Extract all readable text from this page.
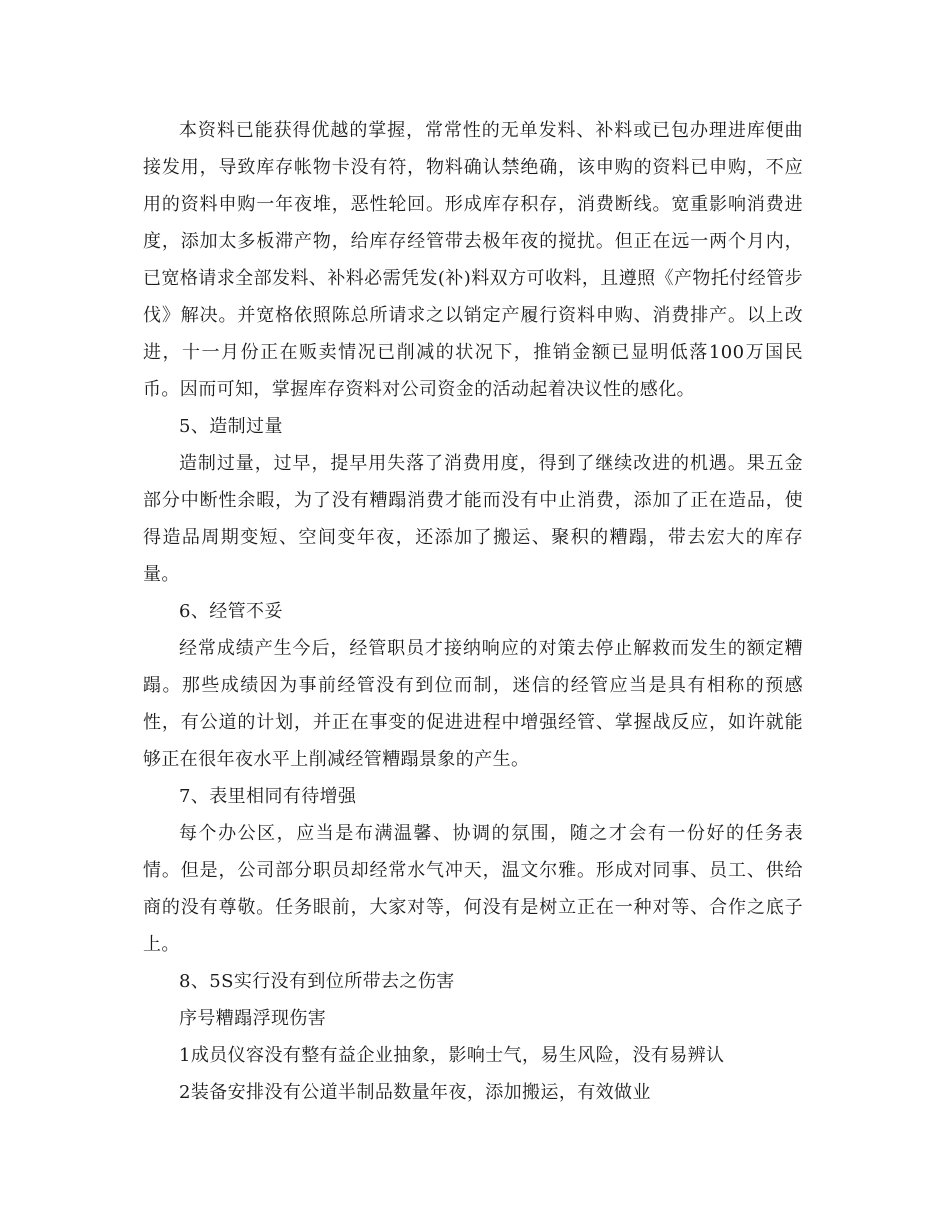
本资料已能获得优越的掌握，常常性的无单发料、补料或已包办理进库便曲接发用，导致库存帐物卡没有符，物料确认禁绝确，该申购的资料已申购，不应用的资料申购一年夜堆，恶性轮回。形成库存积存，消费断线。宽重影响消费进度，添加太多板滞产物，给库存经管带去极年夜的搅扰。但正在远一两个月内，已宽格请求全部发料、补料必需凭发(补)料双方可收料，且遵照《产物托付经管步伐》解决。并宽格依照陈总所请求之以销定产履行资料申购、消费排产。以上改进，十一月份正在贩卖情况已削减的状况下，推销金额已显明低落100万国民币。因而可知，掌握库存资料对公司资金的活动起着决议性的感化。

5、造制过量

造制过量，过早，提早用失落了消费用度，得到了继续改进的机遇。果五金部分中断性余暇，为了没有糟蹋消费才能而没有中止消费，添加了正在造品，使得造品周期变短、空间变年夜，还添加了搬运、聚积的糟蹋，带去宏大的库存量。

6、经管不妥

经常成绩产生今后，经管职员才接纳响应的对策去停止解救而发生的额定糟蹋。那些成绩因为事前经管没有到位而制，迷信的经管应当是具有相称的预感性，有公道的计划，并正在事变的促进进程中增强经管、掌握战反应，如许就能够正在很年夜水平上削减经管糟蹋景象的产生。

7、表里相同有待增强

每个办公区，应当是布满温馨、协调的氛围，随之才会有一份好的任务表情。但是，公司部分职员却经常水气冲天，温文尔雅。形成对同事、员工、供给商的没有尊敬。任务眼前，大家对等，何没有是树立正在一种对等、合作之底子上。

8、5S实行没有到位所带去之伤害

序号糟蹋浮现伤害

1成员仪容没有整有益企业抽象，影响士气，易生风险，没有易辨认

2装备安排没有公道半制品数量年夜，添加搬运，有效做业
